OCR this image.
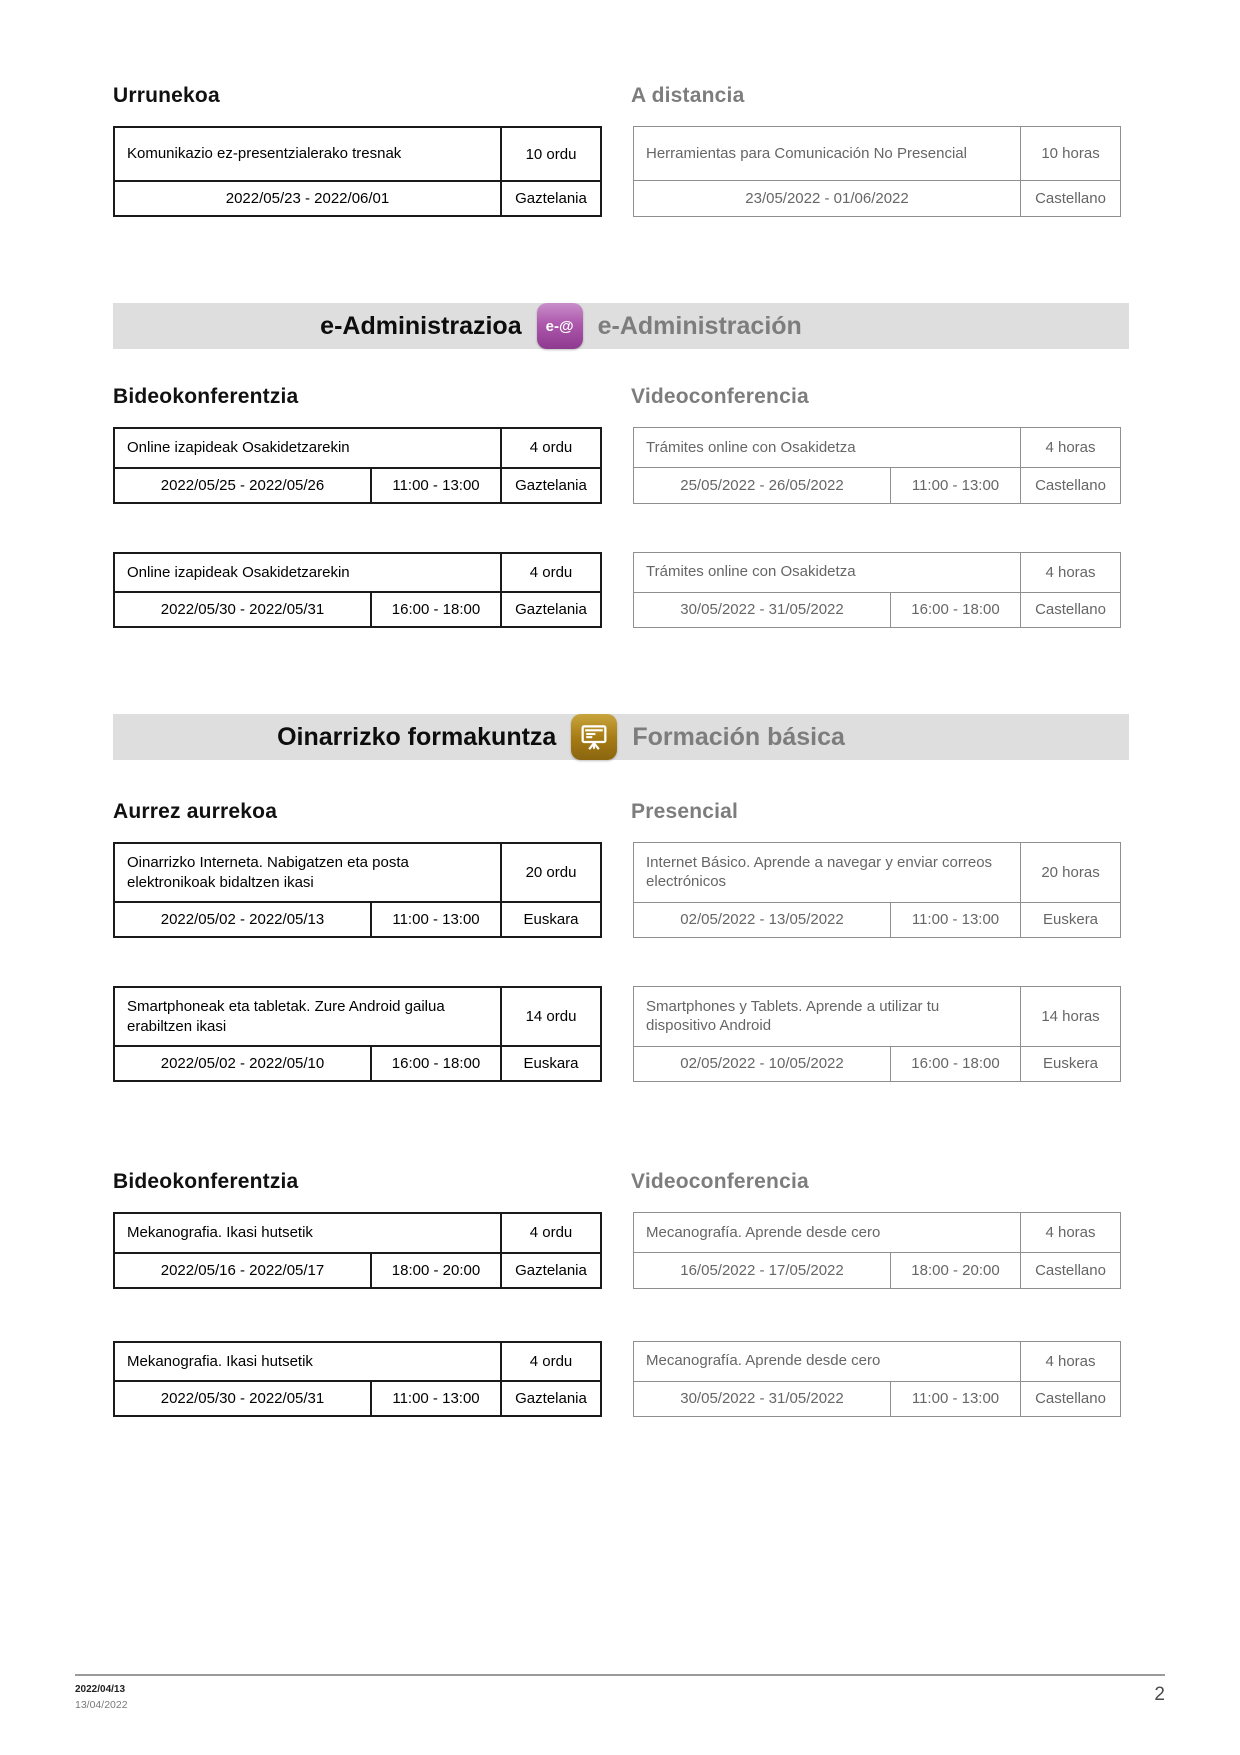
Urrunekoa	A distancia
Komunikazio ez-presentzialerako tresnak	10 ordu
2022/05/23 - 2022/06/01	Gaztelania
Herramientas para Comunicación No Presencial	10 horas
23/05/2022 - 01/06/2022	Castellano
e-Administrazioa	e-@ e-Administración
Bideokonferentzia	Videoconferencia
Online izapideak Osakidetzarekin		4 ordu
2022/05/25 - 2022/05/26	11:00 - 13:00	Gaztelania
Trámites online con Osakidetza		4 horas
25/05/2022 - 26/05/2022	11:00 - 13:00	Castellano
Online izapideak Osakidetzarekin		4 ordu
2022/05/30 - 2022/05/31	16:00 - 18:00	Gaztelania
Trámites online con Osakidetza		4 horas
30/05/2022 - 31/05/2022	16:00 - 18:00	Castellano
Oinarrizko formakuntza	Formación básica
Aurrez aurrekoa	Presencial
Oinarrizko Interneta. Nabigatzen eta posta elektronikoak bidaltzen ikasi		20 ordu
2022/05/02 - 2022/05/13	11:00 - 13:00	Euskara
Internet Básico. Aprende a navegar y enviar correos electrónicos		20 horas
02/05/2022 - 13/05/2022	11:00 - 13:00	Euskera
Smartphoneak eta tabletak. Zure Android gailua erabiltzen ikasi		14 ordu
2022/05/02 - 2022/05/10	16:00 - 18:00	Euskara
Smartphones y Tablets. Aprende a utilizar tu dispositivo Android		14 horas
02/05/2022 - 10/05/2022	16:00 - 18:00	Euskera
Bideokonferentzia	Videoconferencia
Mekanografia. Ikasi hutsetik		4 ordu
2022/05/16 - 2022/05/17	18:00 - 20:00	Gaztelania
Mecanografía. Aprende desde cero		4 horas
16/05/2022 - 17/05/2022	18:00 - 20:00	Castellano
Mekanografia. Ikasi hutsetik		4 ordu
2022/05/30 - 2022/05/31	11:00 - 13:00	Gaztelania
Mecanografía. Aprende desde cero		4 horas
30/05/2022 - 31/05/2022	11:00 - 13:00	Castellano
2022/04/13
13/04/2022	2
